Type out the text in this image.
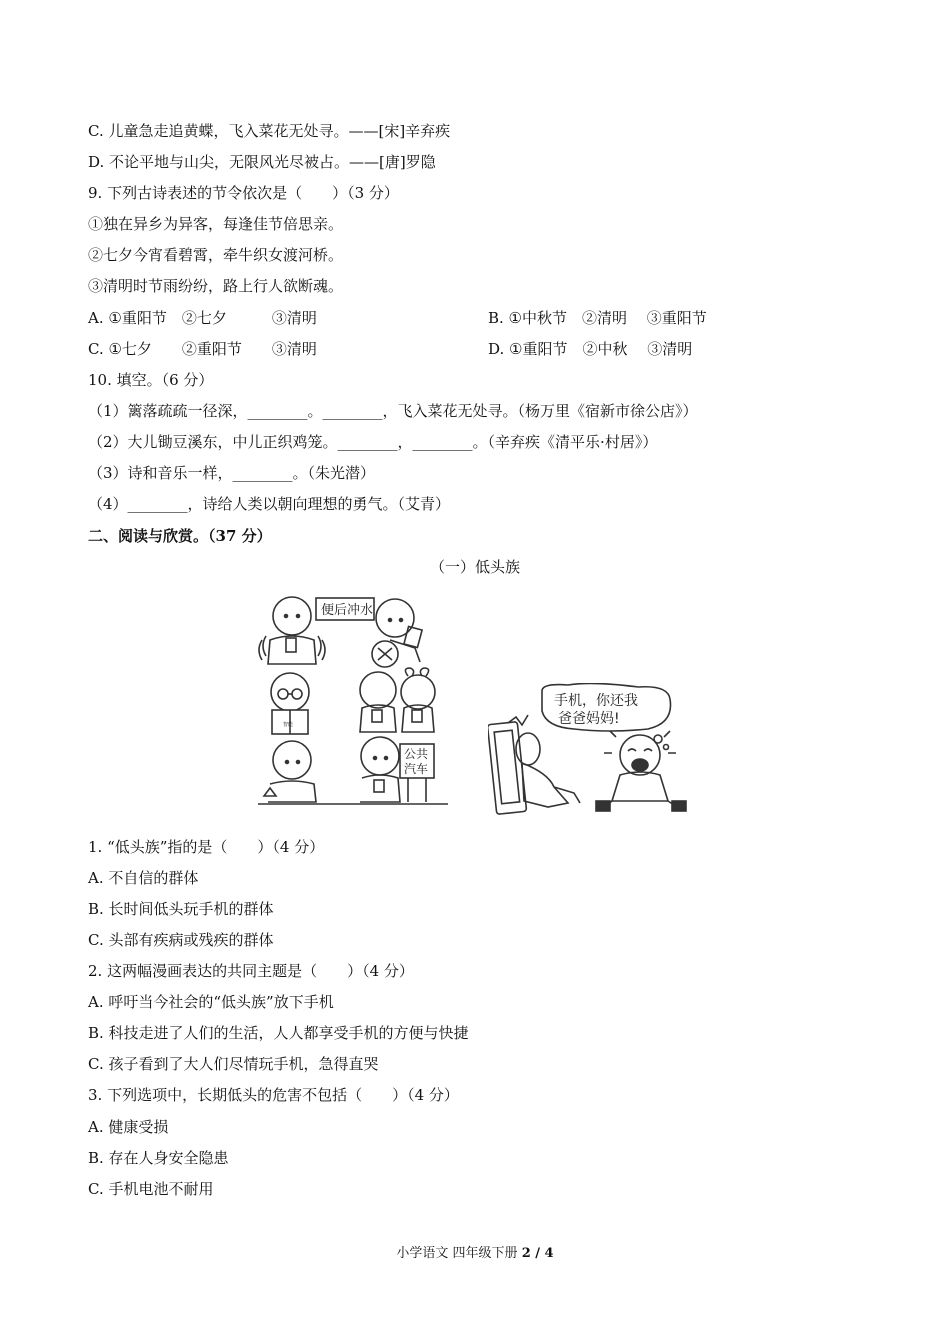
C. 儿童急走追黄蝶，飞入菜花无处寻。——[宋]辛弃疾
D. 不论平地与山尖，无限风光尽被占。——[唐]罗隐
9. 下列古诗表述的节令依次是（　　）（3 分）
①独在异乡为异客，每逢佳节倍思亲。
②七夕今宵看碧霄，牵牛织女渡河桥。
③清明时节雨纷纷，路上行人欲断魂。
A. ①重阳节　②七夕　　　③清明	B. ①中秋节　②清明　 ③重阳节
C. ①七夕　　②重阳节　　③清明	D. ①重阳节　②中秋　 ③清明
10. 填空。（6 分）
（1）篱落疏疏一径深，________。________，飞入菜花无处寻。（杨万里《宿新市徐公店》）
（2）大儿锄豆溪东，中儿正织鸡笼。________，________。（辛弃疾《清平乐·村居》）
（3）诗和音乐一样，________。（朱光潜）
（4）________，诗给人类以朝向理想的勇气。（艾青）
二、阅读与欣赏。（37 分）
（一）低头族
便后冲水
智能
公共
汽车
手机，你还我
爸爸妈妈!
1. “低头族”指的是（　　）（4 分）
A. 不自信的群体
B. 长时间低头玩手机的群体
C. 头部有疾病或残疾的群体
2. 这两幅漫画表达的共同主题是（　　）（4 分）
A. 呼吁当今社会的“低头族”放下手机
B. 科技走进了人们的生活，人人都享受手机的方便与快捷
C. 孩子看到了大人们尽情玩手机，急得直哭
3. 下列选项中，长期低头的危害不包括（　　）（4 分）
A. 健康受损
B. 存在人身安全隐患
C. 手机电池不耐用
小学语文 四年级下册 2 / 4
